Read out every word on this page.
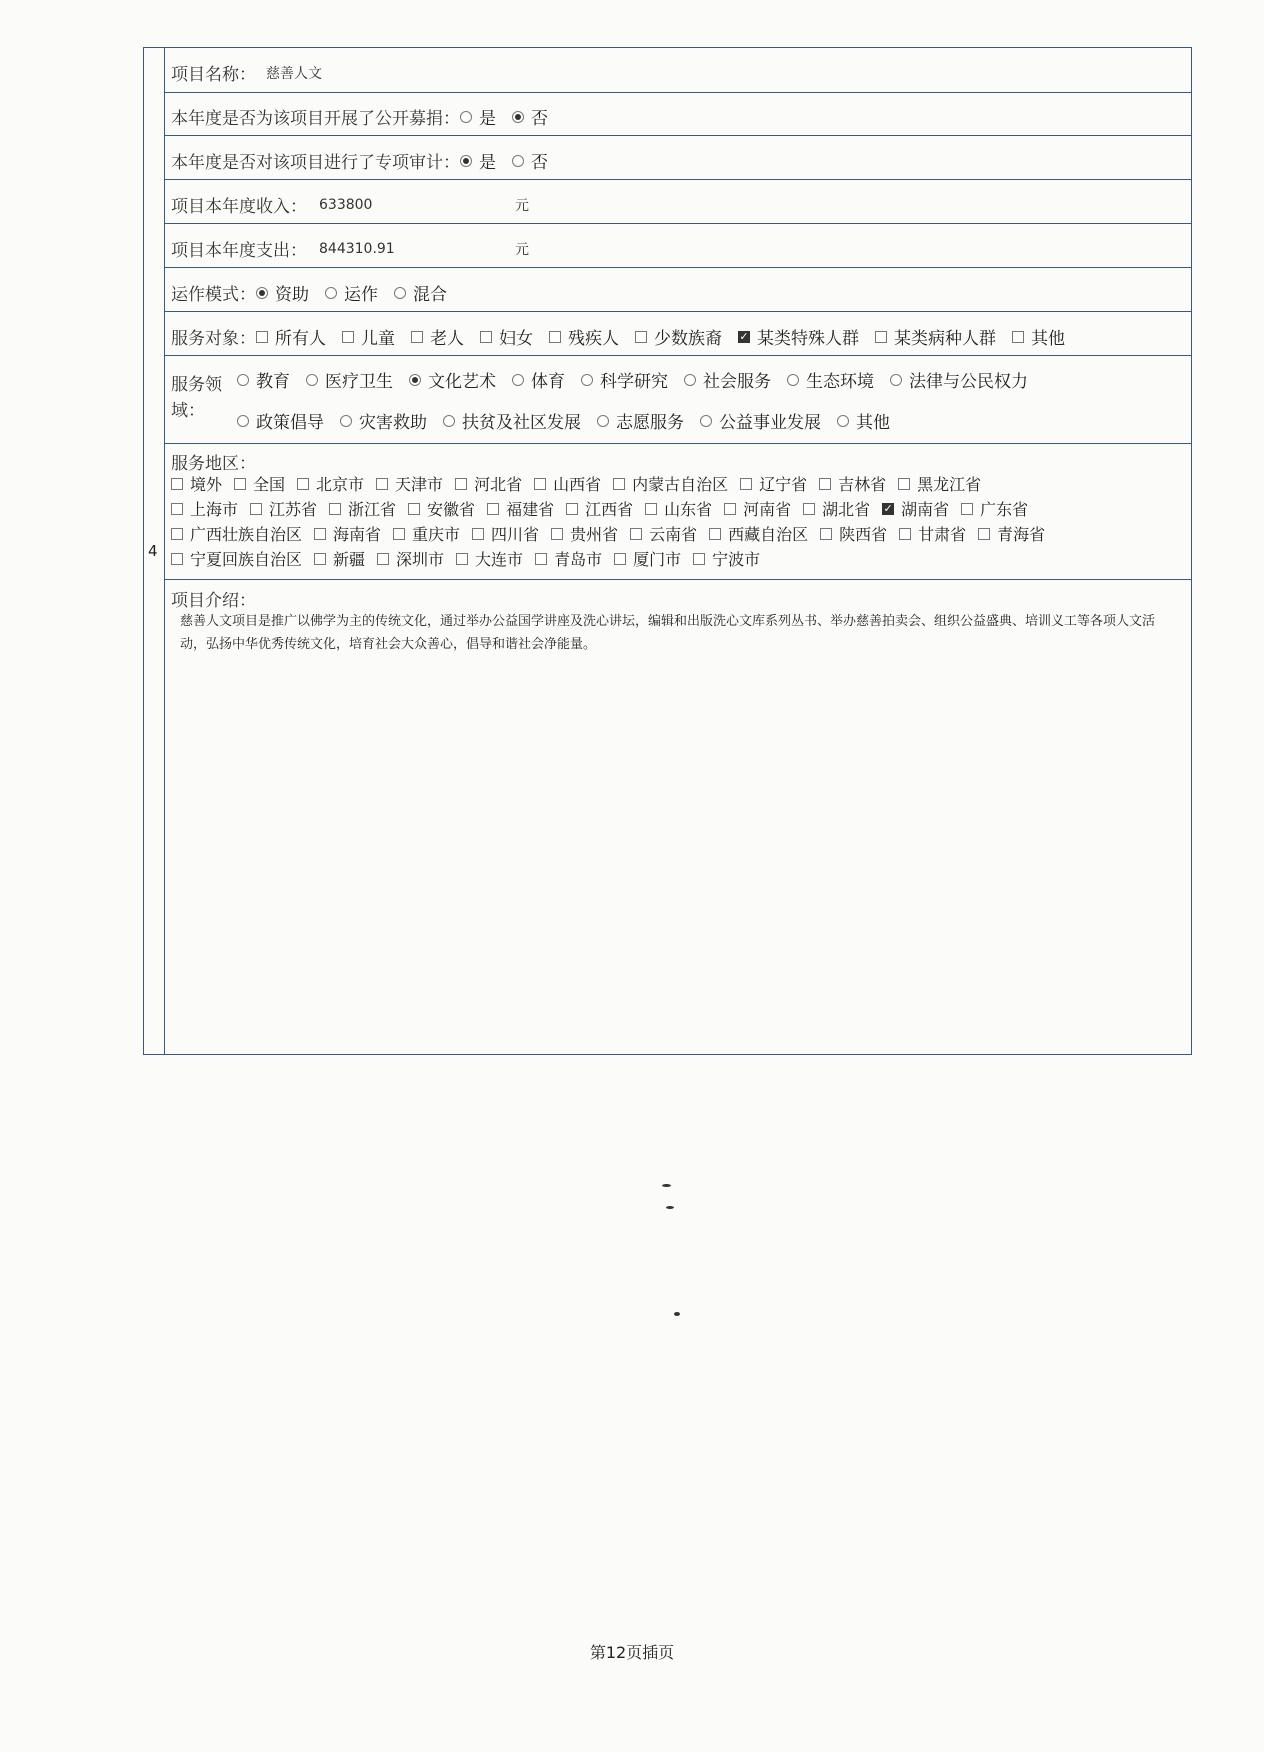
4
项目名称： 慈善人文
本年度是否为该项目开展了公开募捐： 是 否
本年度是否对该项目进行了专项审计： 是 否
项目本年度收入： 633800	元
项目本年度支出： 844310.91	元
运作模式： 资助 运作 混合
服务对象： 所有人 儿童 老人 妇女 残疾人 少数族裔 ✓ 某类特殊人群 某类病种人群 其他
服务领
域：
教育 医疗卫生 文化艺术 体育 科学研究 社会服务 生态环境 法律与公民权力
政策倡导 灾害救助 扶贫及社区发展 志愿服务 公益事业发展 其他
服务地区：
境外 全国 北京市 天津市 河北省 山西省 内蒙古自治区 辽宁省 吉林省 黑龙江省
上海市 江苏省 浙江省 安徽省 福建省 江西省 山东省 河南省 湖北省 ✓ 湖南省 广东省
广西壮族自治区 海南省 重庆市 四川省 贵州省 云南省 西藏自治区 陕西省 甘肃省 青海省
宁夏回族自治区 新疆 深圳市 大连市 青岛市 厦门市 宁波市
项目介绍：
慈善人文项目是推广以佛学为主的传统文化，通过举办公益国学讲座及洗心讲坛，编辑和出版洗心文库系列丛书、举办慈善拍卖会、组织公益盛典、培训义工等各项人文活动，弘扬中华优秀传统文化，培育社会大众善心，倡导和谐社会净能量。
第12页插页
